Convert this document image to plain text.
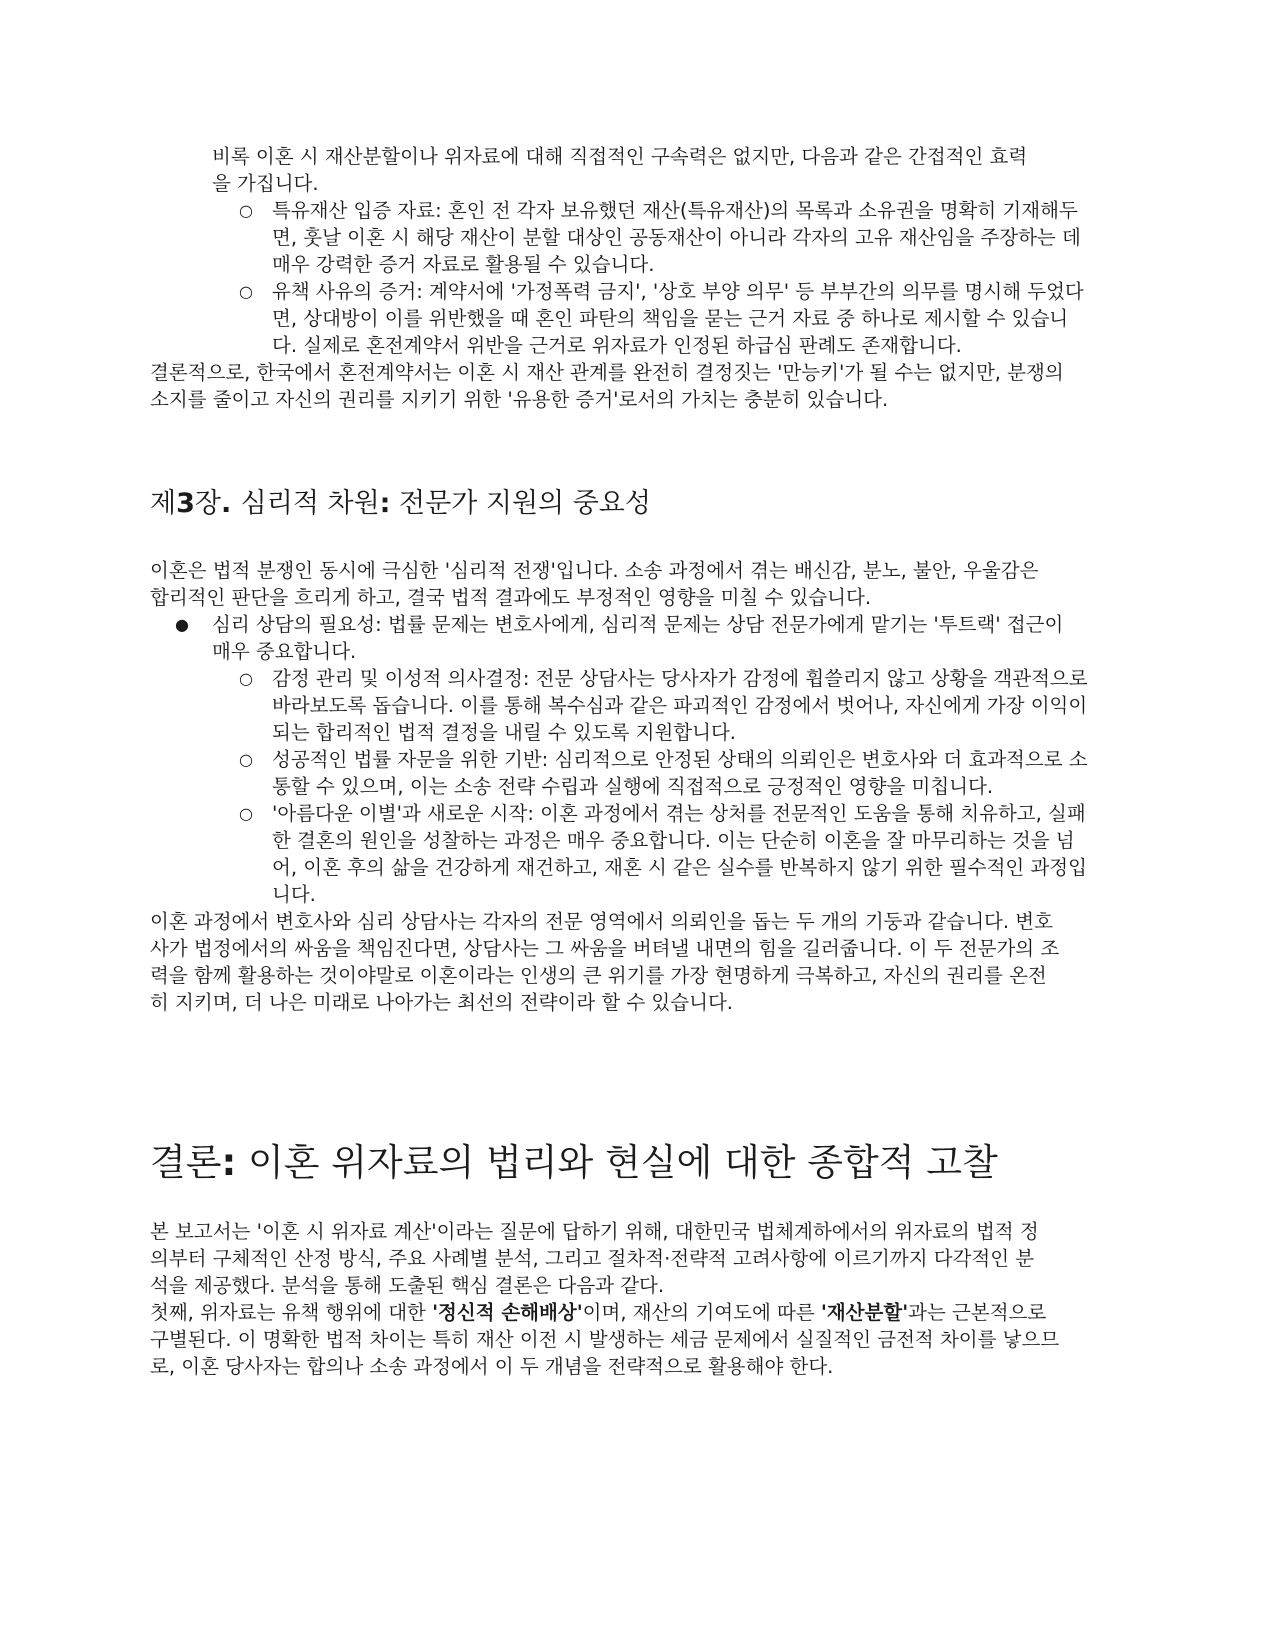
비록 이혼 시 재산분할이나 위자료에 대해 직접적인 구속력은 없지만, 다음과 같은 간접적인 효력을 가집니다.

○ 특유재산 입증 자료: 혼인 전 각자 보유했던 재산(특유재산)의 목록과 소유권을 명확히 기재해두면, 훗날 이혼 시 해당 재산이 분할 대상인 공동재산이 아니라 각자의 고유 재산임을 주장하는 데 매우 강력한 증거 자료로 활용될 수 있습니다.
○ 유책 사유의 증거: 계약서에 '가정폭력 금지', '상호 부양 의무' 등 부부간의 의무를 명시해 두었다면, 상대방이 이를 위반했을 때 혼인 파탄의 책임을 묻는 근거 자료 중 하나로 제시할 수 있습니다. 실제로 혼전계약서 위반을 근거로 위자료가 인정된 하급심 판례도 존재합니다.

결론적으로, 한국에서 혼전계약서는 이혼 시 재산 관계를 완전히 결정짓는 '만능키'가 될 수는 없지만, 분쟁의 소지를 줄이고 자신의 권리를 지키기 위한 '유용한 증거'로서의 가치는 충분히 있습니다.

제3장. 심리적 차원: 전문가 지원의 중요성

이혼은 법적 분쟁인 동시에 극심한 '심리적 전쟁'입니다. 소송 과정에서 겪는 배신감, 분노, 불안, 우울감은 합리적인 판단을 흐리게 하고, 결국 법적 결과에도 부정적인 영향을 미칠 수 있습니다.

● 심리 상담의 필요성: 법률 문제는 변호사에게, 심리적 문제는 상담 전문가에게 맡기는 '투트랙' 접근이 매우 중요합니다.
○ 감정 관리 및 이성적 의사결정: 전문 상담사는 당사자가 감정에 휩쓸리지 않고 상황을 객관적으로 바라보도록 돕습니다. 이를 통해 복수심과 같은 파괴적인 감정에서 벗어나, 자신에게 가장 이익이 되는 합리적인 법적 결정을 내릴 수 있도록 지원합니다.
○ 성공적인 법률 자문을 위한 기반: 심리적으로 안정된 상태의 의뢰인은 변호사와 더 효과적으로 소통할 수 있으며, 이는 소송 전략 수립과 실행에 직접적으로 긍정적인 영향을 미칩니다.
○ '아름다운 이별'과 새로운 시작: 이혼 과정에서 겪는 상처를 전문적인 도움을 통해 치유하고, 실패한 결혼의 원인을 성찰하는 과정은 매우 중요합니다. 이는 단순히 이혼을 잘 마무리하는 것을 넘어, 이혼 후의 삶을 건강하게 재건하고, 재혼 시 같은 실수를 반복하지 않기 위한 필수적인 과정입니다.

이혼 과정에서 변호사와 심리 상담사는 각자의 전문 영역에서 의뢰인을 돕는 두 개의 기둥과 같습니다. 변호사가 법정에서의 싸움을 책임진다면, 상담사는 그 싸움을 버텨낼 내면의 힘을 길러줍니다. 이 두 전문가의 조력을 함께 활용하는 것이야말로 이혼이라는 인생의 큰 위기를 가장 현명하게 극복하고, 자신의 권리를 온전히 지키며, 더 나은 미래로 나아가는 최선의 전략이라 할 수 있습니다.

결론: 이혼 위자료의 법리와 현실에 대한 종합적 고찰

본 보고서는 '이혼 시 위자료 계산'이라는 질문에 답하기 위해, 대한민국 법체계하에서의 위자료의 법적 정의부터 구체적인 산정 방식, 주요 사례별 분석, 그리고 절차적·전략적 고려사항에 이르기까지 다각적인 분석을 제공했다. 분석을 통해 도출된 핵심 결론은 다음과 같다.

첫째, 위자료는 유책 행위에 대한 '정신적 손해배상'이며, 재산의 기여도에 따른 '재산분할'과는 근본적으로 구별된다. 이 명확한 법적 차이는 특히 재산 이전 시 발생하는 세금 문제에서 실질적인 금전적 차이를 낳으므로, 이혼 당사자는 합의나 소송 과정에서 이 두 개념을 전략적으로 활용해야 한다.
